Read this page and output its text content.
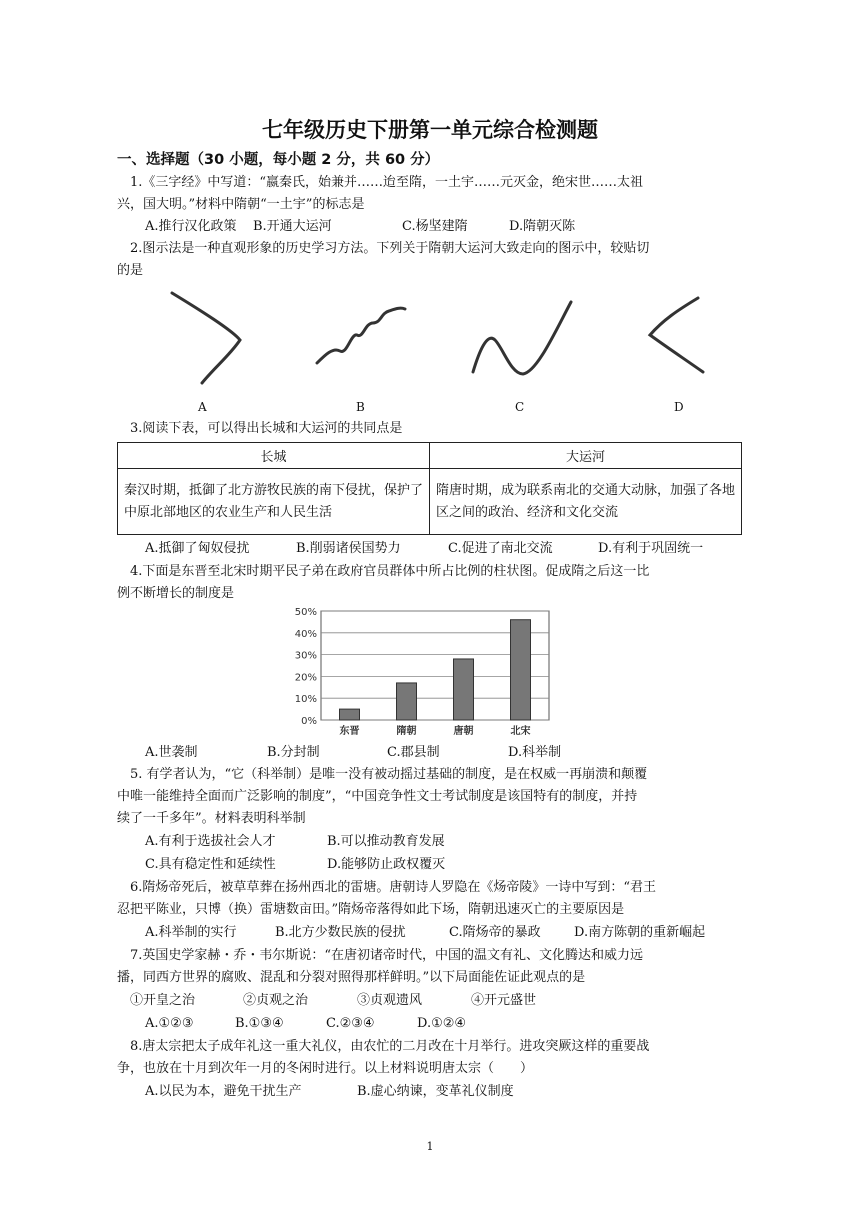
七年级历史下册第一单元综合检测题
一、选择题（30 小题，每小题 2 分，共 60 分）
1.《三字经》中写道：“嬴秦氏，始兼并……迨至隋，一土宇……元灭金，绝宋世……太祖
兴，国大明。”材料中隋朝“一土宇”的标志是
A.推行汉化政策 B.开通大运河	C.杨坚建隋	D.隋朝灭陈
2.图示法是一种直观形象的历史学习方法。下列关于隋朝大运河大致走向的图示中，较贴切
的是
A	B	C	D
3.阅读下表，可以得出长城和大运河的共同点是
长城	大运河
秦汉时期，抵御了北方游牧民族的南下侵扰，保护了中原北部地区的农业生产和人民生活	隋唐时期，成为联系南北的交通大动脉，加强了各地区之间的政治、经济和文化交流
A.抵御了匈奴侵扰	B.削弱诸侯国势力	C.促进了南北交流	D.有利于巩固统一
4.下面是东晋至北宋时期平民子弟在政府官员群体中所占比例的柱状图。促成隋之后这一比
例不断增长的制度是
0%
10%
20%
30%
40%
50%
东晋	隋朝	唐朝	北宋
A.世袭制	B.分封制	C.郡县制	D.科举制
5. 有学者认为，“它（科举制）是唯一没有被动摇过基础的制度，是在权威一再崩溃和颠覆
中唯一能维持全面而广泛影响的制度”，“中国竞争性文士考试制度是该国特有的制度，并持
续了一千多年”。材料表明科举制
A.有利于选拔社会人才	B.可以推动教育发展
C.具有稳定性和延续性	D.能够防止政权覆灭
6.隋炀帝死后，被草草葬在扬州西北的雷塘。唐朝诗人罗隐在《炀帝陵》一诗中写到：“君王
忍把平陈业，只博（换）雷塘数亩田。”隋炀帝落得如此下场，隋朝迅速灭亡的主要原因是
A.科举制的实行	B.北方少数民族的侵扰	C.隋炀帝的暴政	D.南方陈朝的重新崛起
7.英国史学家赫・乔・韦尔斯说：“在唐初诸帝时代，中国的温文有礼、文化腾达和威力远
播，同西方世界的腐败、混乱和分裂对照得那样鲜明。”以下局面能佐证此观点的是
①开皇之治	②贞观之治	③贞观遗风	④开元盛世
A.①②③	B.①③④	C.②③④	D.①②④
8.唐太宗把太子成年礼这一重大礼仪，由农忙的二月改在十月举行。进攻突厥这样的重要战
争，也放在十月到次年一月的冬闲时进行。以上材料说明唐太宗（　　）
A.以民为本，避免干扰生产	B.虚心纳谏，变革礼仪制度
1
